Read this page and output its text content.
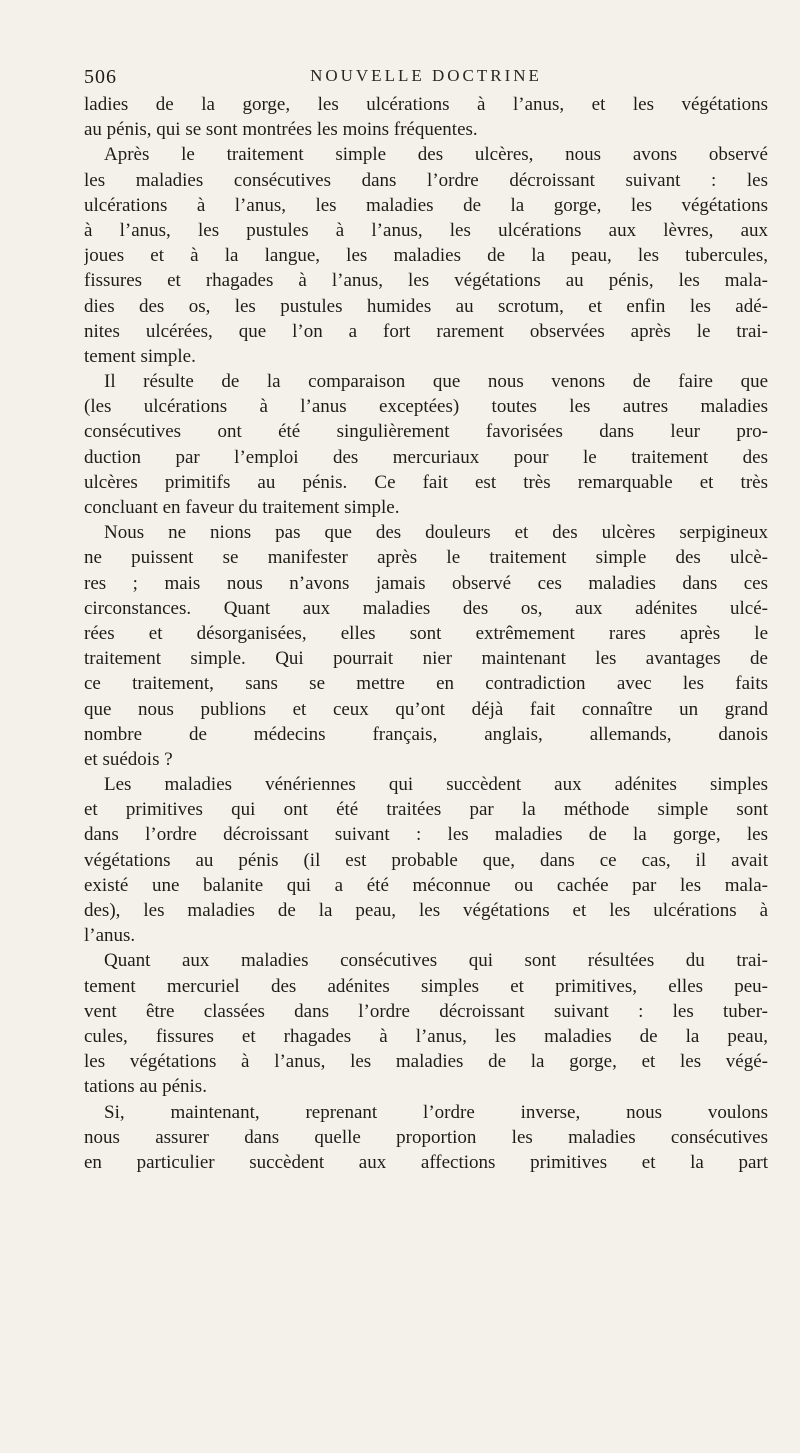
506	NOUVELLE DOCTRINE
ladies de la gorge, les ulcérations à l’anus, et les végétations
au pénis, qui se sont montrées les moins fréquentes.
Après le traitement simple des ulcères, nous avons observé
les maladies consécutives dans l’ordre décroissant suivant : les
ulcérations à l’anus, les maladies de la gorge, les végétations
à l’anus, les pustules à l’anus, les ulcérations aux lèvres, aux
joues et à la langue, les maladies de la peau, les tubercules,
fissures et rhagades à l’anus, les végétations au pénis, les mala-
dies des os, les pustules humides au scrotum, et enfin les adé-
nites ulcérées, que l’on a fort rarement observées après le trai-
tement simple.
Il résulte de la comparaison que nous venons de faire que
(les ulcérations à l’anus exceptées) toutes les autres maladies
consécutives ont été singulièrement favorisées dans leur pro-
duction par l’emploi des mercuriaux pour le traitement des
ulcères primitifs au pénis. Ce fait est très remarquable et très
concluant en faveur du traitement simple.
Nous ne nions pas que des douleurs et des ulcères serpigineux
ne puissent se manifester après le traitement simple des ulcè-
res ; mais nous n’avons jamais observé ces maladies dans ces
circonstances. Quant aux maladies des os, aux adénites ulcé-
rées et désorganisées, elles sont extrêmement rares après le
traitement simple. Qui pourrait nier maintenant les avantages de
ce traitement, sans se mettre en contradiction avec les faits
que nous publions et ceux qu’ont déjà fait connaître un grand
nombre de médecins français, anglais, allemands, danois
et suédois ?
Les maladies vénériennes qui succèdent aux adénites simples
et primitives qui ont été traitées par la méthode simple sont
dans l’ordre décroissant suivant : les maladies de la gorge, les
végétations au pénis (il est probable que, dans ce cas, il avait
existé une balanite qui a été méconnue ou cachée par les mala-
des), les maladies de la peau, les végétations et les ulcérations à
l’anus.
Quant aux maladies consécutives qui sont résultées du trai-
tement mercuriel des adénites simples et primitives, elles peu-
vent être classées dans l’ordre décroissant suivant : les tuber-
cules, fissures et rhagades à l’anus, les maladies de la peau,
les végétations à l’anus, les maladies de la gorge, et les végé-
tations au pénis.
Si, maintenant, reprenant l’ordre inverse, nous voulons
nous assurer dans quelle proportion les maladies consécutives
en particulier succèdent aux affections primitives et la part
